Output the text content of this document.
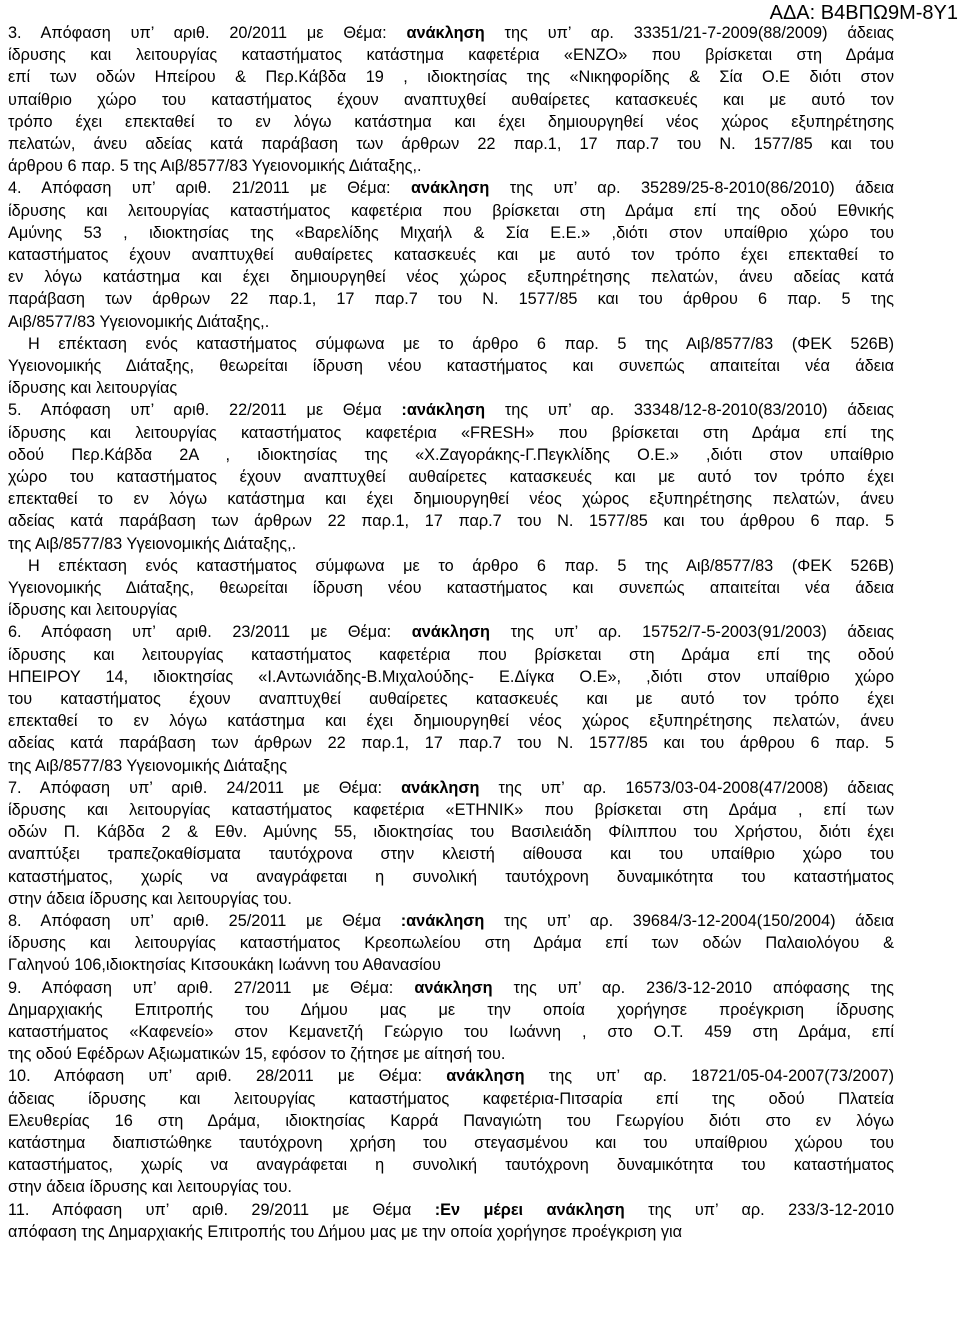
ΑΔΑ: Β4ΒΠΩ9Μ-8Υ1
3. Απόφαση υπ’ αριθ. 20/2011 με Θέμα: ανάκληση της υπ’ αρ. 33351/21-7-2009(88/2009) άδειας
ίδρυσης και λειτουργίας καταστήματος κατάστημα καφετέρια «ΕΝΖΟ» που βρίσκεται στη Δράμα
επί των οδών Ηπείρου & Περ.Κάβδα 19 , ιδιοκτησίας της «Νικηφορίδης & Σία Ο.Ε διότι στον
υπαίθριο χώρο του καταστήματος έχουν αναπτυχθεί αυθαίρετες κατασκευές και με αυτό τον
τρόπο έχει επεκταθεί το εν λόγω κατάστημα και έχει δημιουργηθεί νέος χώρος εξυπηρέτησης
πελατών, άνευ αδείας κατά παράβαση των άρθρων 22 παρ.1, 17 παρ.7 του Ν. 1577/85 και του
άρθρου 6 παρ. 5 της Αιβ/8577/83 Υγειονομικής Διάταξης,.
4. Απόφαση υπ’ αριθ. 21/2011 με Θέμα: ανάκληση της υπ’ αρ. 35289/25-8-2010(86/2010) άδεια
ίδρυσης και λειτουργίας καταστήματος καφετέρια που βρίσκεται στη Δράμα επί της οδού Εθνικής
Αμύνης 53 , ιδιοκτησίας της «Βαρελίδης Μιχαήλ & Σία Ε.Ε.» ,διότι στον υπαίθριο χώρο του
καταστήματος έχουν αναπτυχθεί αυθαίρετες κατασκευές και με αυτό τον τρόπο έχει επεκταθεί το
εν λόγω κατάστημα και έχει δημιουργηθεί νέος χώρος εξυπηρέτησης πελατών, άνευ αδείας κατά
παράβαση των άρθρων 22 παρ.1, 17 παρ.7 του Ν. 1577/85 και του άρθρου 6 παρ. 5 της
Αιβ/8577/83 Υγειονομικής Διάταξης,.
Η επέκταση ενός καταστήματος σύμφωνα με το άρθρο 6 παρ. 5 της Αιβ/8577/83 (ΦΕΚ 526Β)
Υγειονομικής Διάταξης, θεωρείται ίδρυση νέου καταστήματος και συνεπώς απαιτείται νέα άδεια
ίδρυσης και λειτουργίας
5. Απόφαση υπ’ αριθ. 22/2011 με Θέμα :ανάκληση της υπ’ αρ. 33348/12-8-2010(83/2010) άδειας
ίδρυσης και λειτουργίας καταστήματος καφετέρια «FRESH» που βρίσκεται στη Δράμα επί της
οδού Περ.Κάβδα 2Α , ιδιοκτησίας της «Χ.Ζαγοράκης-Γ.Πεγκλίδης Ο.Ε.» ,διότι στον υπαίθριο
χώρο του καταστήματος έχουν αναπτυχθεί αυθαίρετες κατασκευές και με αυτό τον τρόπο έχει
επεκταθεί το εν λόγω κατάστημα και έχει δημιουργηθεί νέος χώρος εξυπηρέτησης πελατών, άνευ
αδείας κατά παράβαση των άρθρων 22 παρ.1, 17 παρ.7 του Ν. 1577/85 και του άρθρου 6 παρ. 5
της Αιβ/8577/83 Υγειονομικής Διάταξης,.
Η επέκταση ενός καταστήματος σύμφωνα με το άρθρο 6 παρ. 5 της Αιβ/8577/83 (ΦΕΚ 526Β)
Υγειονομικής Διάταξης, θεωρείται ίδρυση νέου καταστήματος και συνεπώς απαιτείται νέα άδεια
ίδρυσης και λειτουργίας
6. Απόφαση υπ’ αριθ. 23/2011 με Θέμα: ανάκληση της υπ’ αρ. 15752/7-5-2003(91/2003) άδειας
ίδρυσης και λειτουργίας καταστήματος καφετέρια που βρίσκεται στη Δράμα επί της οδού
ΗΠΕΙΡΟΥ 14, ιδιοκτησίας «Ι.Αντωνιάδης-Β.Μιχαλούδης- Ε.Δίγκα Ο.Ε», ,διότι στον υπαίθριο χώρο
του καταστήματος έχουν αναπτυχθεί αυθαίρετες κατασκευές και με αυτό τον τρόπο έχει
επεκταθεί το εν λόγω κατάστημα και έχει δημιουργηθεί νέος χώρος εξυπηρέτησης πελατών, άνευ
αδείας κατά παράβαση των άρθρων 22 παρ.1, 17 παρ.7 του Ν. 1577/85 και του άρθρου 6 παρ. 5
της Αιβ/8577/83 Υγειονομικής Διάταξης
7. Απόφαση υπ’ αριθ. 24/2011 με Θέμα: ανάκληση της υπ’ αρ. 16573/03-04-2008(47/2008) άδειας
ίδρυσης και λειτουργίας καταστήματος καφετέρια «ETHNIK» που βρίσκεται στη Δράμα , επί των
οδών Π. Κάβδα 2 & Εθν. Αμύνης 55, ιδιοκτησίας του Βασιλειάδη Φίλιππου του Χρήστου, διότι έχει
αναπτύξει τραπεζοκαθίσματα ταυτόχρονα στην κλειστή αίθουσα και του υπαίθριο χώρο του
καταστήματος, χωρίς να αναγράφεται η συνολική ταυτόχρονη δυναμικότητα του καταστήματος
στην άδεια ίδρυσης και λειτουργίας του.
8. Απόφαση υπ’ αριθ. 25/2011 με Θέμα :ανάκληση της υπ’ αρ. 39684/3-12-2004(150/2004) άδεια
ίδρυσης και λειτουργίας καταστήματος Κρεοπωλείου στη Δράμα επί των οδών Παλαιολόγου &
Γαληνού 106,ιδιοκτησίας Κιτσουκάκη Ιωάννη του Αθανασίου
9. Απόφαση υπ’ αριθ. 27/2011 με Θέμα: ανάκληση της υπ’ αρ. 236/3-12-2010 απόφασης της
Δημαρχιακής Επιτροπής του Δήμου μας με την οποία χορήγησε προέγκριση ίδρυσης
καταστήματος «Καφενείο» στον Κεμανετζή Γεώργιο του Ιωάννη , στο Ο.Τ. 459 στη Δράμα, επί
της οδού Εφέδρων Αξιωματικών 15, εφόσον το ζήτησε με αίτησή του.
10. Απόφαση υπ’ αριθ. 28/2011 με Θέμα: ανάκληση της υπ’ αρ. 18721/05-04-2007(73/2007)
άδειας ίδρυσης και λειτουργίας καταστήματος καφετέρια-Πιτσαρία επί της οδού Πλατεία
Ελευθερίας 16 στη Δράμα, ιδιοκτησίας Καρρά Παναγιώτη του Γεωργίου διότι στο εν λόγω
κατάστημα διαπιστώθηκε ταυτόχρονη χρήση του στεγασμένου και του υπαίθριου χώρου του
καταστήματος, χωρίς να αναγράφεται η συνολική ταυτόχρονη δυναμικότητα του καταστήματος
στην άδεια ίδρυσης και λειτουργίας του.
11. Απόφαση υπ’ αριθ. 29/2011 με Θέμα :Εν μέρει ανάκληση της υπ’ αρ. 233/3-12-2010
απόφαση της Δημαρχιακής Επιτροπής του Δήμου μας με την οποία χορήγησε προέγκριση για
